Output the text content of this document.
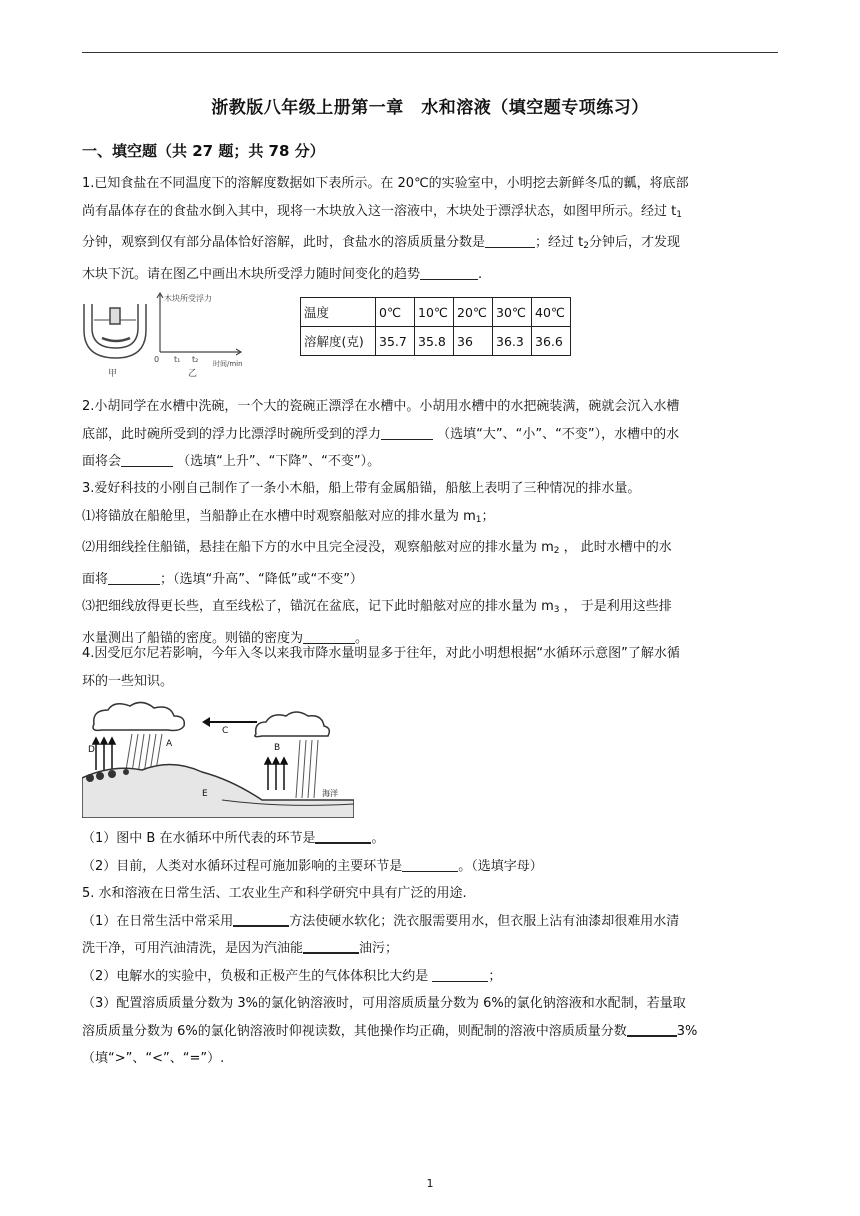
浙教版八年级上册第一章　水和溶液（填空题专项练习）
一、填空题（共 27 题；共 78 分）
1.已知食盐在不同温度下的溶解度数据如下表所示。在 20℃的实验室中，小明挖去新鲜冬瓜的瓤，将底部
尚有晶体存在的食盐水倒入其中，现将一木块放入这一溶液中，木块处于漂浮状态，如图甲所示。经过 $t_1$
分钟，观察到仅有部分晶体恰好溶解，此时，食盐水的溶质质量分数是	；经过 $t_2$分钟后，才发现
木块下沉。请在图乙中画出木块所受浮力随时间变化的趋势	.
甲
木块所受浮力
时间/min
0 t₁ t₂
乙
温度	0℃	10℃	20℃	30℃	40℃
溶解度(克)	35.7	35.8	36	36.3	36.6
2.小胡同学在水槽中洗碗，一个大的瓷碗正漂浮在水槽中。小胡用水槽中的水把碗装满，碗就会沉入水槽
底部，此时碗所受到的浮力比漂浮时碗所受到的浮力	（选填“大”、“小”、“不变”），水槽中的水
面将会	（选填“上升”、“下降”、“不变”）。
3.爱好科技的小刚自己制作了一条小木船，船上带有金属船锚，船舷上表明了三种情况的排水量。
⑴将锚放在船舱里，当船静止在水槽中时观察船舷对应的排水量为 $m_1$；
⑵用细线拴住船锚，悬挂在船下方的水中且完全浸没，观察船舷对应的排水量为 $m_2$ ， 此时水槽中的水
面将	；（选填“升高”、“降低”或“不变”）
⑶把细线放得更长些，直至线松了，锚沉在盆底，记下此时船舷对应的排水量为 $m_3$ ， 于是利用这些排
水量测出了船锚的密度。则锚的密度为	。
4.因受厄尔尼若影响，今年入冬以来我市降水量明显多于往年，对此小明想根据“水循环示意图”了解水循
环的一些知识。
A	B
C
D
E	海洋
（1）图中 B 在水循环中所代表的环节是	。
（2）目前，人类对水循环过程可施加影响的主要环节是	。（选填字母）
5. 水和溶液在日常生活、工农业生产和科学研究中具有广泛的用途.
（1）在日常生活中常采用	方法使硬水软化；洗衣服需要用水，但衣服上沾有油漆却很难用水清
洗干净，可用汽油清洗，是因为汽油能	油污；
（2）电解水的实验中，负极和正极产生的气体体积比大约是	；
（3）配置溶质质量分数为 3%的氯化钠溶液时，可用溶质质量分数为 6%的氯化钠溶液和水配制，若量取
溶质质量分数为 6%的氯化钠溶液时仰视读数，其他操作均正确，则配制的溶液中溶质质量分数	3%
（填“>”、“<”、“=”）.
1
